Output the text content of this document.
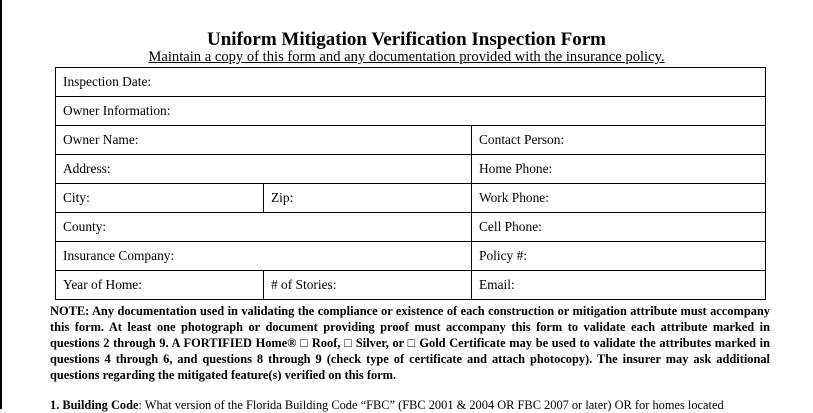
Uniform Mitigation Verification Inspection Form
Maintain a copy of this form and any documentation provided with the insurance policy.
Inspection Date:		
Owner Information:		
Owner Name:		Contact Person:
Address:		Home Phone:
City:	Zip:	Work Phone:
County:		Cell Phone:
Insurance Company:		Policy #:
Year of Home:	# of Stories:	Email:
NOTE: Any documentation used in validating the compliance or existence of each construction or mitigation attribute must accompany this form. At least one photograph or document providing proof must accompany this form to validate each attribute marked in questions 2 through 9. A FORTIFIED Home® □ Roof, □ Silver, or □ Gold Certificate may be used to validate the attributes marked in questions 4 through 6, and questions 8 through 9 (check type of certificate and attach photocopy). The insurer may ask additional questions regarding the mitigated feature(s) verified on this form.
1. Building Code: What version of the Florida Building Code “FBC” (FBC 2001 & 2004 OR FBC 2007 or later) OR for homes located
